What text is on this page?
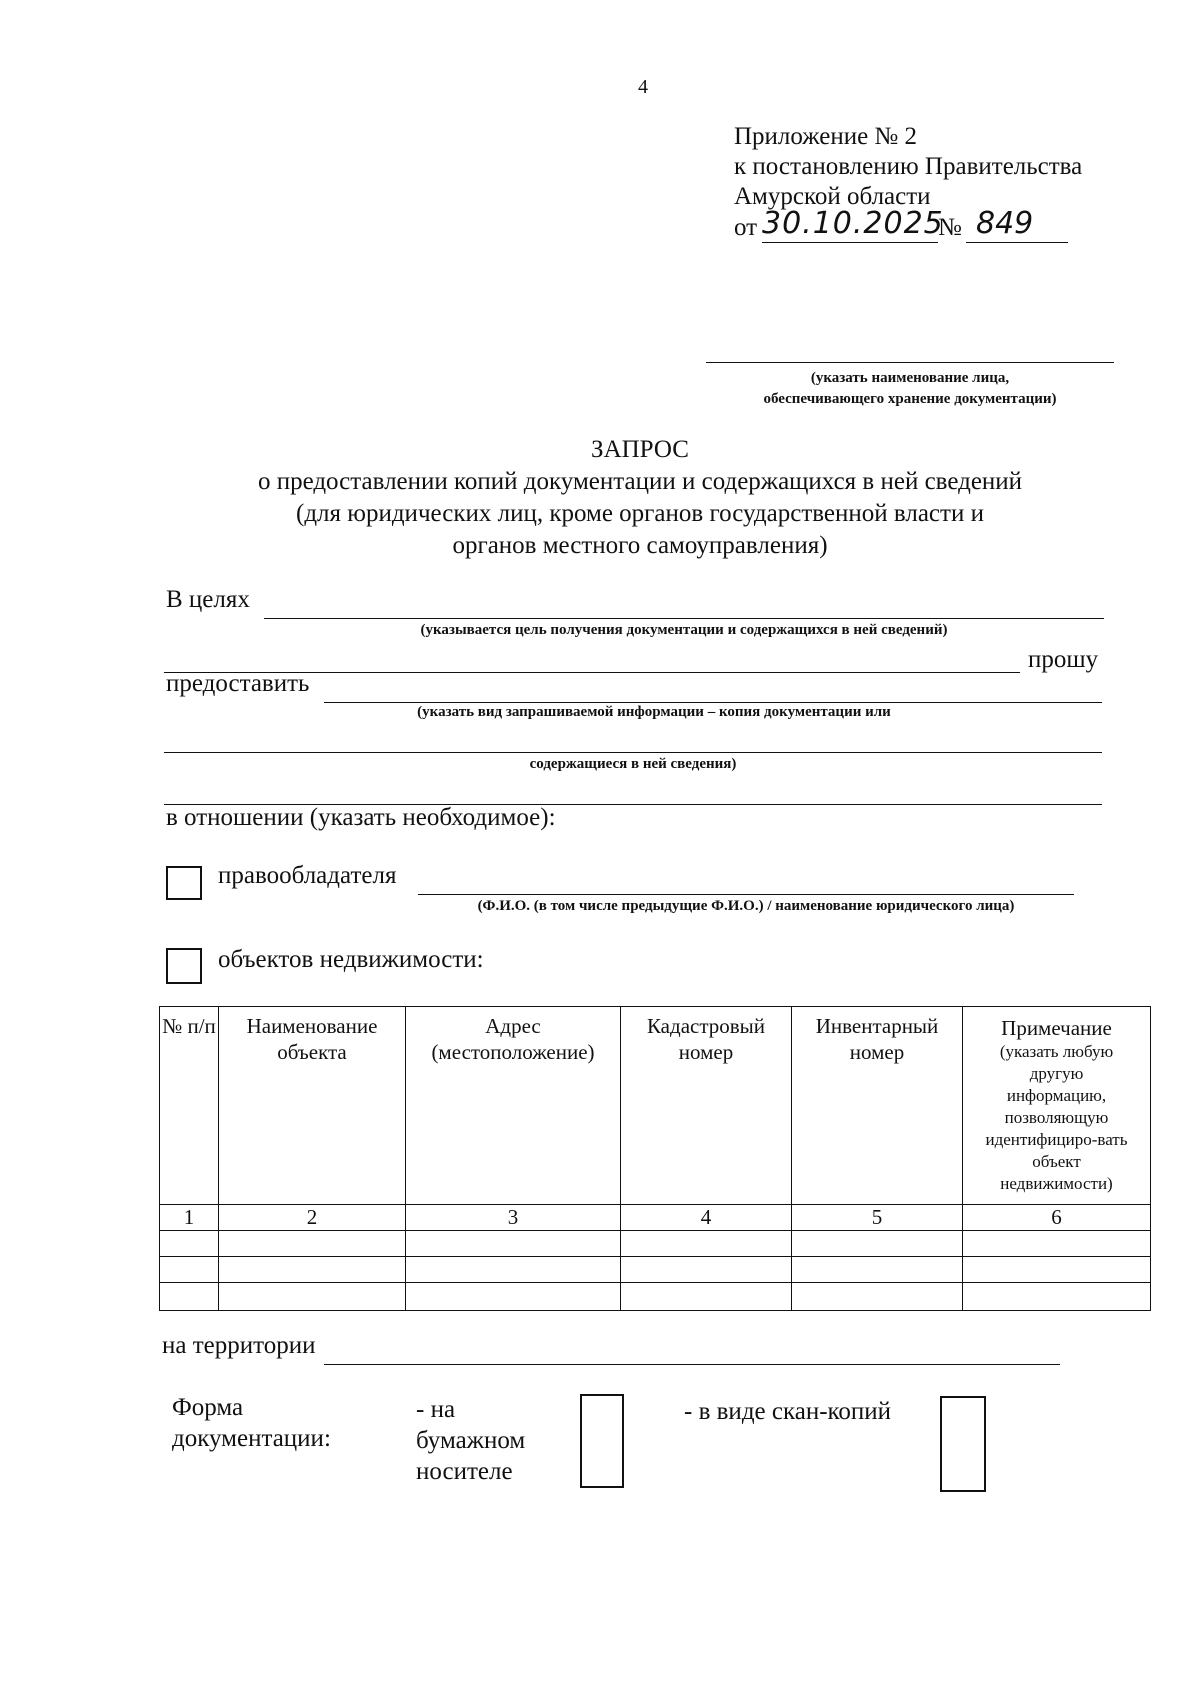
4
Приложение № 2
к постановлению Правительства
Амурской области
от 30.10.2025
№ 849
(указать наименование лица,
обеспечивающего хранение документации)
ЗАПРОС
о предоставлении копий документации и содержащихся в ней сведений
(для юридических лиц, кроме органов государственной власти и
органов местного самоуправления)
В целях
(указывается цель получения документации и содержащихся в ней сведений)
прошу
предоставить
(указать вид запрашиваемой информации – копия документации или
содержащиеся в ней сведения)
в отношении (указать необходимое):
правообладателя
(Ф.И.О. (в том числе предыдущие Ф.И.О.) / наименование юридического лица)
объектов недвижимости:
№ п/п	Наименование объекта	Адрес (местоположение)	Кадастровый номер	Инвентарный номер	Примечание
(указать любую другую информацию, позволяющую идентифициро-вать объект недвижимости)

1	2	3	4	5	6

на территории
Форма
документации:
- на
бумажном
носителе
- в виде скан-копий
